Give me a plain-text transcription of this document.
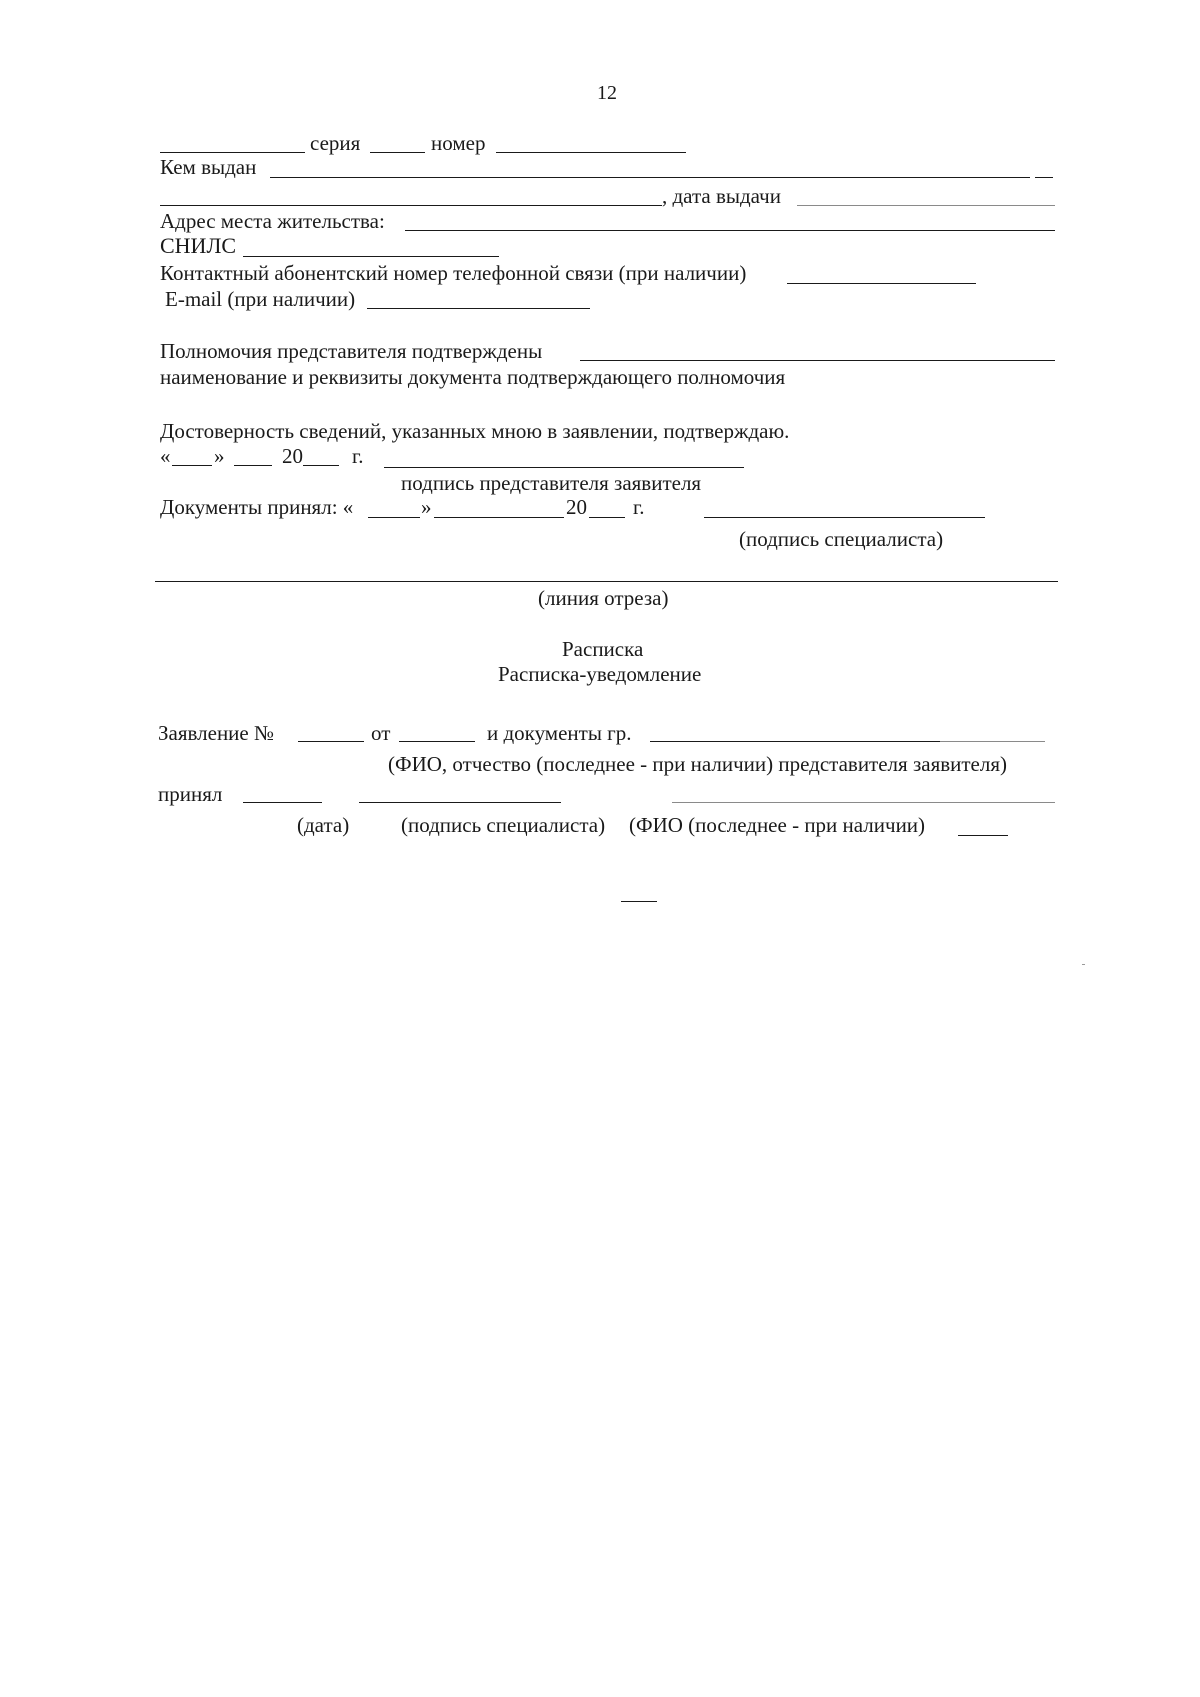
12
серия	номер
Кем выдан
, дата выдачи
Адрес места жительства:
СНИЛС
Контактный абонентский номер телефонной связи (при наличии)
E-mail (при наличии)
Полномочия представителя подтверждены
наименование и реквизиты документа подтверждающего полномочия
Достоверность сведений, указанных мною в заявлении, подтверждаю.
« »	20 г.
подпись представителя заявителя
Документы принял: «	»	20 г.
(подпись специалиста)
(линия отреза)
Расписка
Расписка-уведомление
Заявление №	от	и документы гр.
(ФИО, отчество (последнее - при наличии) представителя заявителя)
принял
(дата) (подпись специалиста) (ФИО (последнее - при наличии)
